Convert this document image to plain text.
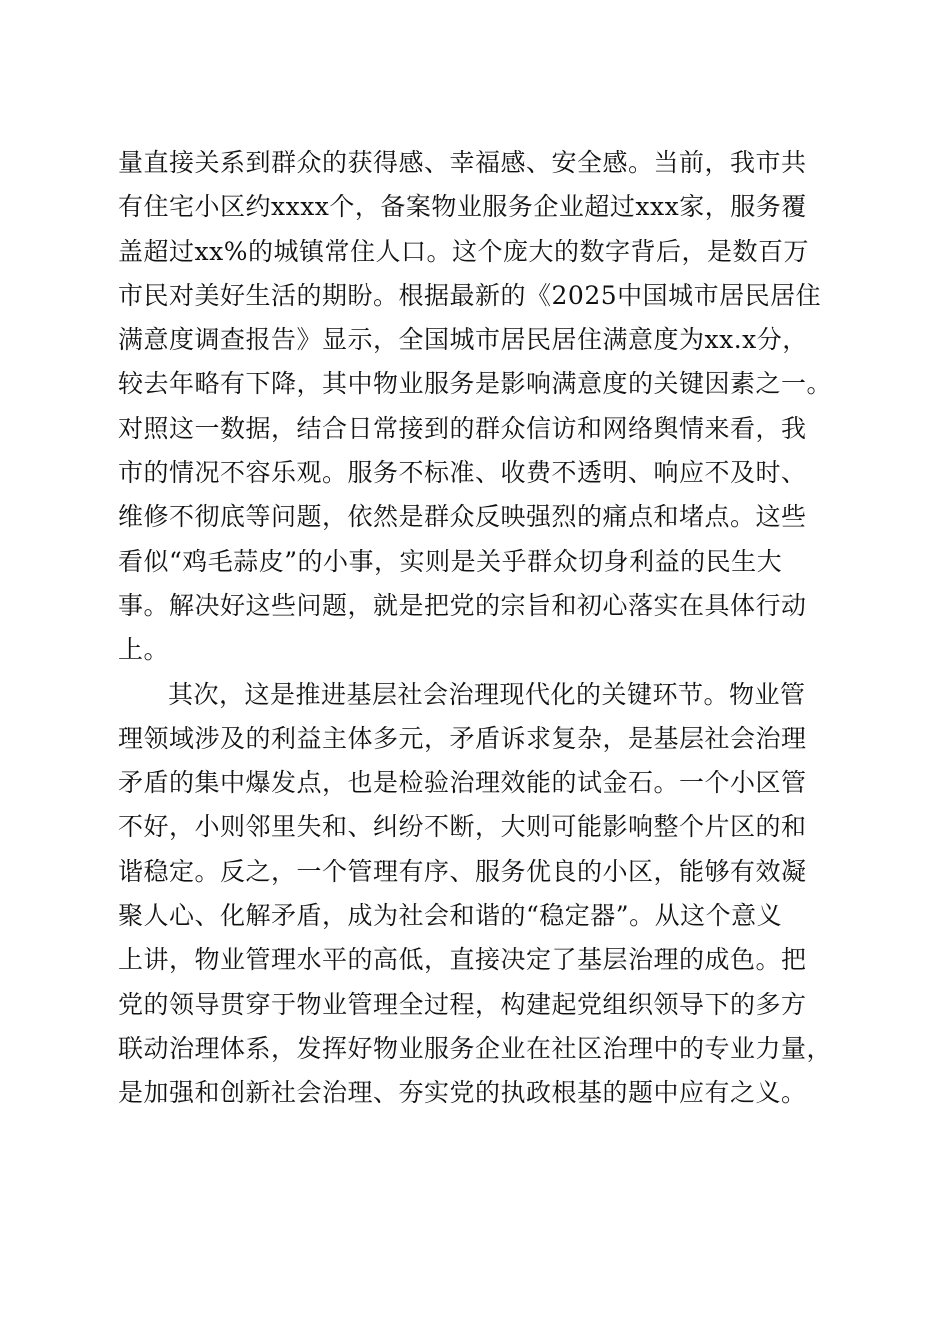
量直接关系到群众的获得感、幸福感、安全感。当前，我市共
有住宅小区约xxxx个，备案物业服务企业超过xxx家，服务覆
盖超过xx%的城镇常住人口。这个庞大的数字背后，是数百万
市民对美好生活的期盼。根据最新的《2025中国城市居民居住
满意度调查报告》显示，全国城市居民居住满意度为xx.x分，
较去年略有下降，其中物业服务是影响满意度的关键因素之一。
对照这一数据，结合日常接到的群众信访和网络舆情来看，我
市的情况不容乐观。服务不标准、收费不透明、响应不及时、
维修不彻底等问题，依然是群众反映强烈的痛点和堵点。这些
看似“鸡毛蒜皮”的小事，实则是关乎群众切身利益的民生大
事。解决好这些问题，就是把党的宗旨和初心落实在具体行动
上。
其次，这是推进基层社会治理现代化的关键环节。物业管
理领域涉及的利益主体多元，矛盾诉求复杂，是基层社会治理
矛盾的集中爆发点，也是检验治理效能的试金石。一个小区管
不好，小则邻里失和、纠纷不断，大则可能影响整个片区的和
谐稳定。反之，一个管理有序、服务优良的小区，能够有效凝
聚人心、化解矛盾，成为社会和谐的“稳定器”。从这个意义
上讲，物业管理水平的高低，直接决定了基层治理的成色。把
党的领导贯穿于物业管理全过程，构建起党组织领导下的多方
联动治理体系，发挥好物业服务企业在社区治理中的专业力量，
是加强和创新社会治理、夯实党的执政根基的题中应有之义。
